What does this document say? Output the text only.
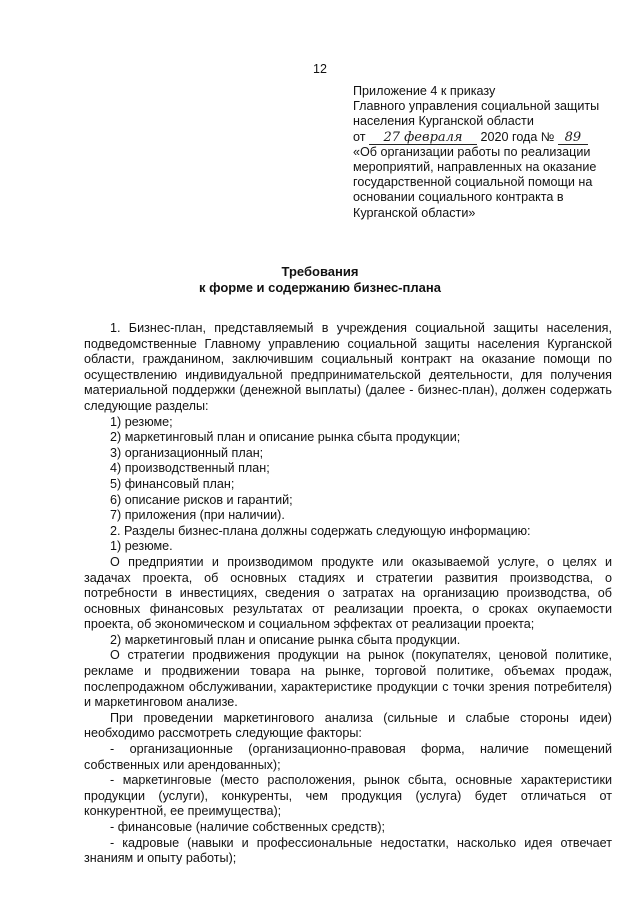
12
Приложение 4 к приказу
Главного управления социальной защиты
населения Курганской области
от 27 февраля 2020 года № 89
«Об организации работы по реализации
мероприятий, направленных на оказание
государственной социальной помощи на
основании социального контракта в
Курганской области»
Требования
к форме и содержанию бизнес-плана

1. Бизнес-план, представляемый в учреждения социальной защиты населения, подведомственные Главному управлению социальной защиты населения Курганской области, гражданином, заключившим социальный контракт на оказание помощи по осуществлению индивидуальной предпринимательской деятельности, для получения материальной поддержки (денежной выплаты) (далее - бизнес-план), должен содержать следующие разделы:

1) резюме;

2) маркетинговый план и описание рынка сбыта продукции;

3) организационный план;

4) производственный план;

5) финансовый план;

6) описание рисков и гарантий;

7) приложения (при наличии).

2. Разделы бизнес-плана должны содержать следующую информацию:

1) резюме.

О предприятии и производимом продукте или оказываемой услуге, о целях и задачах проекта, об основных стадиях и стратегии развития производства, о потребности в инвестициях, сведения о затратах на организацию производства, об основных финансовых результатах от реализации проекта, о сроках окупаемости проекта, об экономическом и социальном эффектах от реализации проекта;

2) маркетинговый план и описание рынка сбыта продукции.

О стратегии продвижения продукции на рынок (покупателях, ценовой политике, рекламе и продвижении товара на рынке, торговой политике, объемах продаж, послепродажном обслуживании, характеристике продукции с точки зрения потребителя) и маркетинговом анализе.

При проведении маркетингового анализа (сильные и слабые стороны идеи) необходимо рассмотреть следующие факторы:

- организационные (организационно-правовая форма, наличие помещений собственных или арендованных);

- маркетинговые (место расположения, рынок сбыта, основные характеристики продукции (услуги), конкуренты, чем продукция (услуга) будет отличаться от конкурентной, ее преимущества);

- финансовые (наличие собственных средств);

- кадровые (навыки и профессиональные недостатки, насколько идея отвечает знаниям и опыту работы);
